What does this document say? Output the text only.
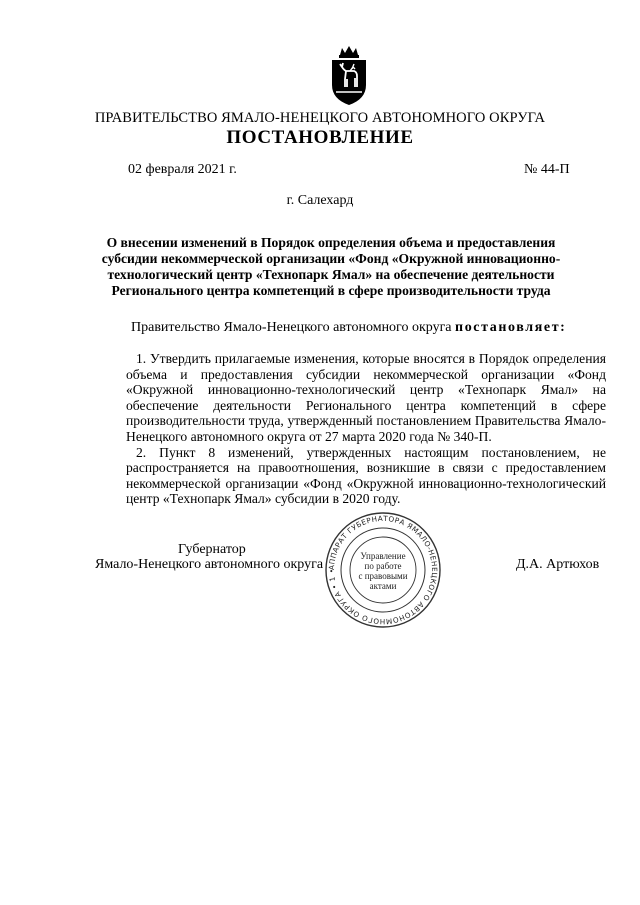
ПРАВИТЕЛЬСТВО ЯМАЛО-НЕНЕЦКОГО АВТОНОМНОГО ОКРУГА
ПОСТАНОВЛЕНИЕ
02 февраля 2021 г.	№ 44-П
г. Салехард
О внесении изменений в Порядок определения объема и предоставления субсидии некоммерческой организации «Фонд «Окружной инновационно-технологический центр «Технопарк Ямал» на обеспечение деятельности Регионального центра компетенций в сфере производительности труда
Правительство Ямало-Ненецкого автономного округа постановляет:

1. Утвердить прилагаемые изменения, которые вносятся в Порядок определения объема и предоставления субсидии некоммерческой организации «Фонд «Окружной инновационно-технологический центр «Технопарк Ямал» на обеспечение деятельности Регионального центра компетенций в сфере производительности труда, утвержденный постановлением Правительства Ямало-Ненецкого автономного округа от 27 марта 2020 года № 340-П.

2. Пункт 8 изменений, утвержденных настоящим постановлением, не распространяется на правоотношения, возникшие в связи с предоставлением некоммерческой организации «Фонд «Окружной инновационно-технологический центр «Технопарк Ямал» субсидии в 2020 году.

Губернатор
Ямало-Ненецкого автономного округа	Д.А. Артюхов
АППАРАТ ГУБЕРНАТОРА ЯМАЛО-НЕНЕЦКОГО АВТОНОМНОГО ОКРУГА • 1 •
Управление
по работе
с правовыми
актами
